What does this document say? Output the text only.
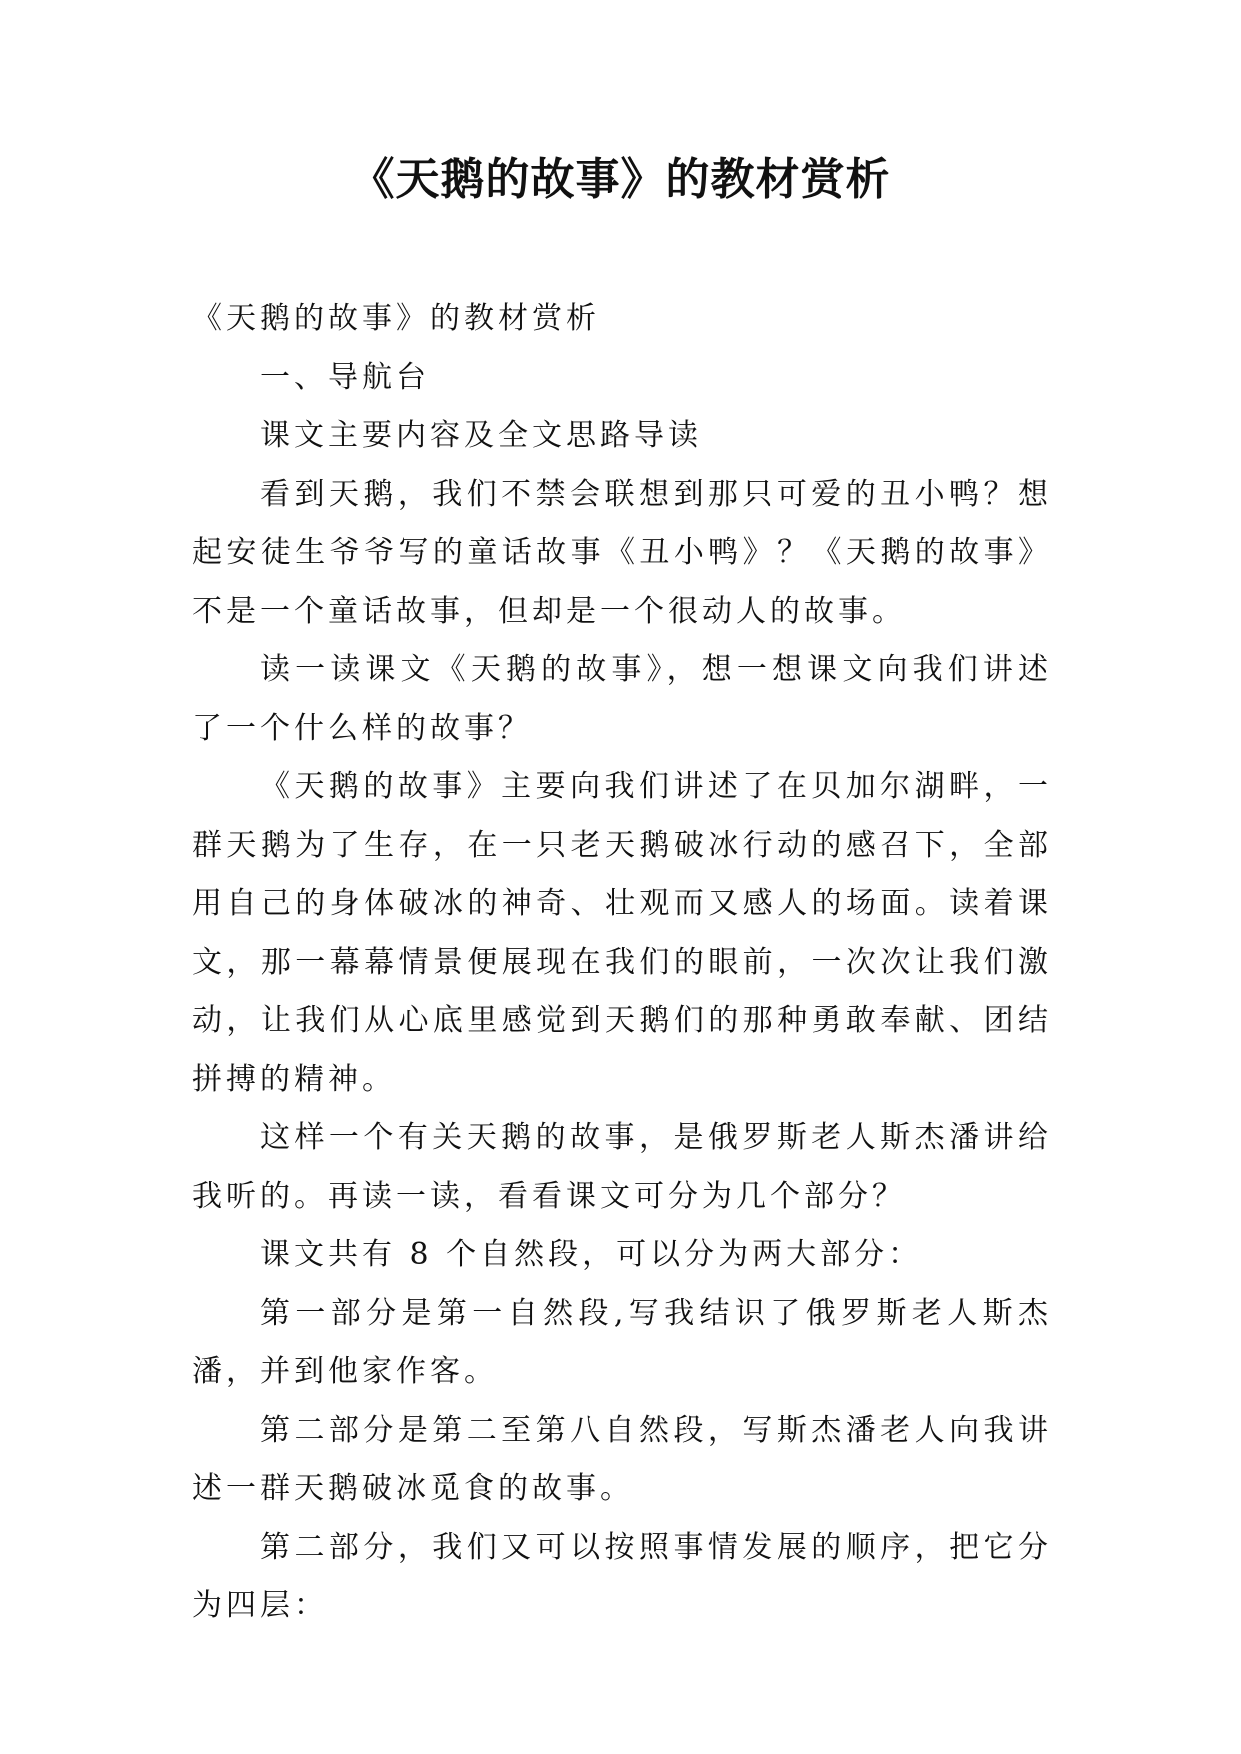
《天鹅的故事》的教材赏析

《天鹅的故事》的教材赏析

一、导航台

课文主要内容及全文思路导读

看到天鹅，我们不禁会联想到那只可爱的丑小鸭？想起安徒生爷爷写的童话故事《丑小鸭》？《天鹅的故事》不是一个童话故事，但却是一个很动人的故事。

读一读课文《天鹅的故事》，想一想课文向我们讲述了一个什么样的故事？

《天鹅的故事》主要向我们讲述了在贝加尔湖畔，一群天鹅为了生存，在一只老天鹅破冰行动的感召下，全部用自己的身体破冰的神奇、壮观而又感人的场面。读着课文，那一幕幕情景便展现在我们的眼前，一次次让我们激动，让我们从心底里感觉到天鹅们的那种勇敢奉献、团结拼搏的精神。

这样一个有关天鹅的故事，是俄罗斯老人斯杰潘讲给我听的。再读一读，看看课文可分为几个部分？

课文共有 8 个自然段，可以分为两大部分：

第一部分是第一自然段,写我结识了俄罗斯老人斯杰潘，并到他家作客。

第二部分是第二至第八自然段，写斯杰潘老人向我讲述一群天鹅破冰觅食的故事。

第二部分，我们又可以按照事情发展的顺序，把它分为四层：
